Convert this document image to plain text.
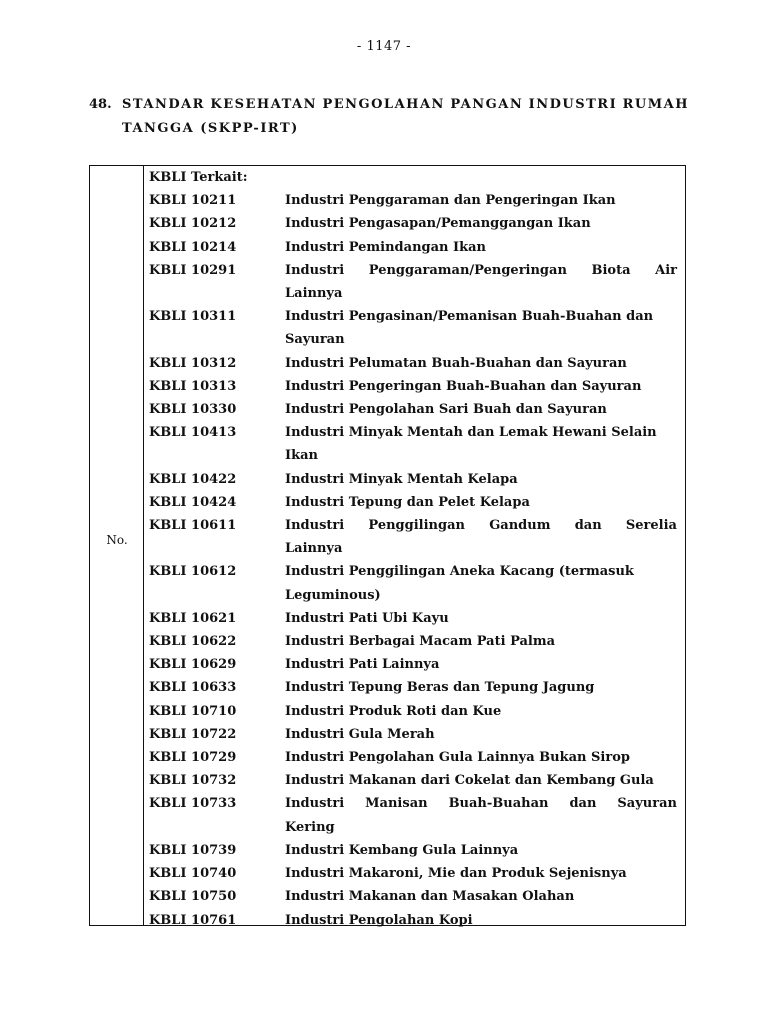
- 1147 -
48. STANDAR KESEHATAN PENGOLAHAN PANGAN INDUSTRI RUMAH
TANGGA (SKPP-IRT)
No.
KBLI Terkait:
KBLI 10211	Industri Penggaraman dan Pengeringan Ikan
KBLI 10212	Industri Pengasapan/Pemanggangan Ikan
KBLI 10214	Industri Pemindangan Ikan
KBLI 10291	Industri Penggaraman/Pengeringan Biota Air
Lainnya
KBLI 10311	Industri Pengasinan/Pemanisan Buah-Buahan dan
Sayuran
KBLI 10312	Industri Pelumatan Buah-Buahan dan Sayuran
KBLI 10313	Industri Pengeringan Buah-Buahan dan Sayuran
KBLI 10330	Industri Pengolahan Sari Buah dan Sayuran
KBLI 10413	Industri Minyak Mentah dan Lemak Hewani Selain
Ikan
KBLI 10422	Industri Minyak Mentah Kelapa
KBLI 10424	Industri Tepung dan Pelet Kelapa
KBLI 10611	Industri Penggilingan Gandum dan Serelia
Lainnya
KBLI 10612	Industri Penggilingan Aneka Kacang (termasuk
Leguminous)
KBLI 10621	Industri Pati Ubi Kayu
KBLI 10622	Industri Berbagai Macam Pati Palma
KBLI 10629	Industri Pati Lainnya
KBLI 10633	Industri Tepung Beras dan Tepung Jagung
KBLI 10710	Industri Produk Roti dan Kue
KBLI 10722	Industri Gula Merah
KBLI 10729	Industri Pengolahan Gula Lainnya Bukan Sirop
KBLI 10732	Industri Makanan dari Cokelat dan Kembang Gula
KBLI 10733	Industri Manisan Buah-Buahan dan Sayuran
Kering
KBLI 10739	Industri Kembang Gula Lainnya
KBLI 10740	Industri Makaroni, Mie dan Produk Sejenisnya
KBLI 10750	Industri Makanan dan Masakan Olahan
KBLI 10761	Industri Pengolahan Kopi
